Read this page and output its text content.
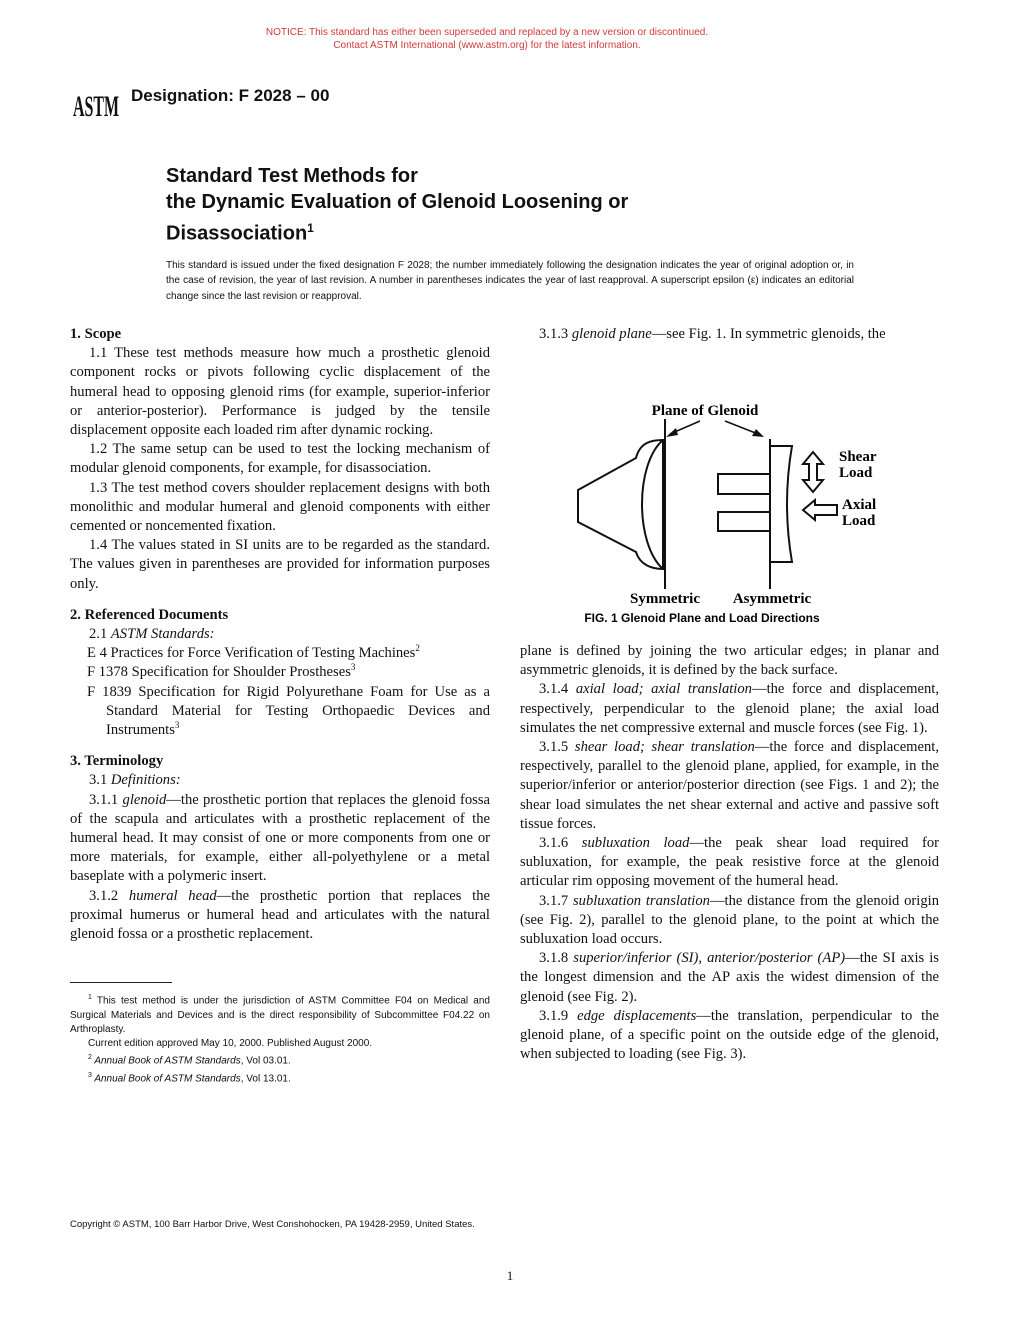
NOTICE: This standard has either been superseded and replaced by a new version or discontinued.
Contact ASTM International (www.astm.org) for the latest information.
ASTM Designation: F 2028 – 00
Standard Test Methods for
the Dynamic Evaluation of Glenoid Loosening or
Disassociation$^1$

This standard is issued under the fixed designation F 2028; the number immediately following the designation indicates the year of original adoption or, in the case of revision, the year of last revision. A number in parentheses indicates the year of last reapproval. A superscript epsilon (ε) indicates an editorial change since the last revision or reapproval.

1. Scope

1.1 These test methods measure how much a prosthetic glenoid component rocks or pivots following cyclic displacement of the humeral head to opposing glenoid rims (for example, superior-inferior or anterior-posterior). Performance is judged by the tensile displacement opposite each loaded rim after dynamic rocking.

1.2 The same setup can be used to test the locking mechanism of modular glenoid components, for example, for disassociation.

1.3 The test method covers shoulder replacement designs with both monolithic and modular humeral and glenoid components with either cemented or noncemented fixation.

1.4 The values stated in SI units are to be regarded as the standard. The values given in parentheses are provided for information purposes only.

2. Referenced Documents

2.1 ASTM Standards:

E 4 Practices for Force Verification of Testing Machines$^2$

F 1378 Specification for Shoulder Prostheses$^3$

F 1839 Specification for Rigid Polyurethane Foam for Use as a Standard Material for Testing Orthopaedic Devices and Instruments$^3$

3. Terminology

3.1 Definitions:

3.1.1 glenoid—the prosthetic portion that replaces the glenoid fossa of the scapula and articulates with a prosthetic replacement of the humeral head. It may consist of one or more components from one or more materials, for example, either all-polyethylene or a metal baseplate with a polymeric insert.

3.1.2 humeral head—the prosthetic portion that replaces the proximal humerus or humeral head and articulates with the natural glenoid fossa or a prosthetic replacement.

3.1.3 glenoid plane—see Fig. 1. In symmetric glenoids, the

Plane of Glenoid
Shear
Load
Axial
Load
Symmetric Asymmetric
FIG. 1 Glenoid Plane and Load Directions

plane is defined by joining the two articular edges; in planar and asymmetric glenoids, it is defined by the back surface.

3.1.4 axial load; axial translation—the force and displacement, respectively, perpendicular to the glenoid plane; the axial load simulates the net compressive external and muscle forces (see Fig. 1).

3.1.5 shear load; shear translation—the force and displacement, respectively, parallel to the glenoid plane, applied, for example, in the superior/inferior or anterior/posterior direction (see Figs. 1 and 2); the shear load simulates the net shear external and active and passive soft tissue forces.

3.1.6 subluxation load—the peak shear load required for subluxation, for example, the peak resistive force at the glenoid articular rim opposing movement of the humeral head.

3.1.7 subluxation translation—the distance from the glenoid origin (see Fig. 2), parallel to the glenoid plane, to the point at which the subluxation load occurs.

3.1.8 superior/inferior (SI), anterior/posterior (AP)—the SI axis is the longest dimension and the AP axis the widest dimension of the glenoid (see Fig. 2).

3.1.9 edge displacements—the translation, perpendicular to the glenoid plane, of a specific point on the outside edge of the glenoid, when subjected to loading (see Fig. 3).

$^1$ This test method is under the jurisdiction of ASTM Committee F04 on Medical and Surgical Materials and Devices and is the direct responsibility of Subcommittee F04.22 on Arthroplasty.

Current edition approved May 10, 2000. Published August 2000.

$^2$ Annual Book of ASTM Standards, Vol 03.01.

$^3$ Annual Book of ASTM Standards, Vol 13.01.

Copyright © ASTM, 100 Barr Harbor Drive, West Conshohocken, PA 19428-2959, United States.
1
